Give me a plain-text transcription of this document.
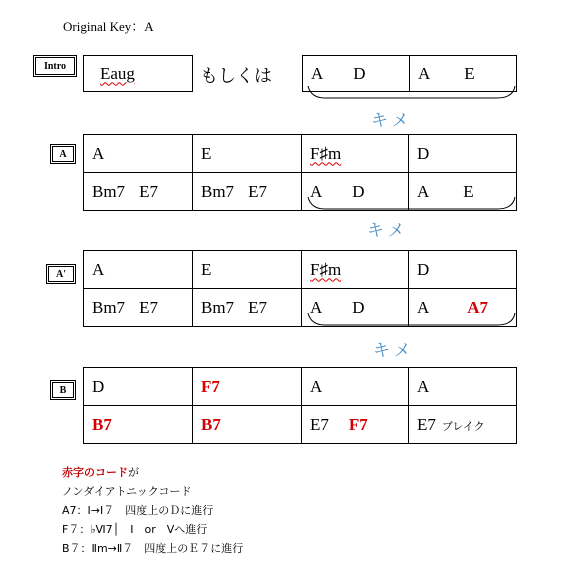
Original Key：A
Intro	Eaug	もしくは A D	A E
キメ
A	A	E	F♯m	D
Bm7 E7	Bm7 E7	A D	A E
キメ
A'	A	E	F♯m	D
Bm7 E7	Bm7 E7	A D	A A7
キメ
B	D	F7	A	A
B7	B7	E7 F7	E7 ブレイク
赤字のコードが
ノンダイアトニックコード
A7：Ⅰ→Ⅰ７　四度上のＤに進行
F７：♭Ⅵ7│　Ⅰ　or　Ⅴへ進行
B７：Ⅱm→Ⅱ７　四度上のＥ７に進行
